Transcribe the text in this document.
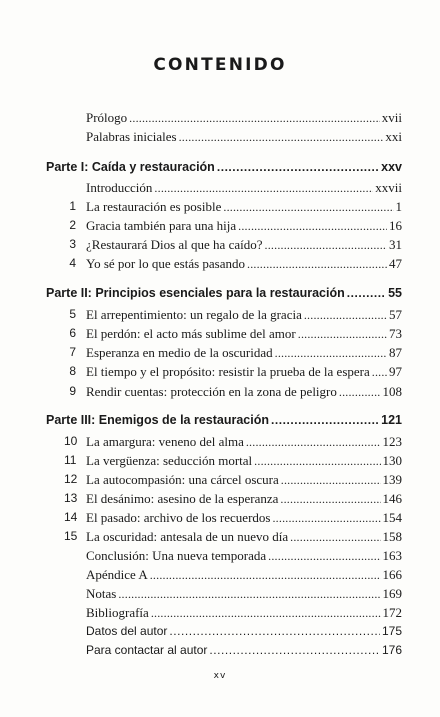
CONTENIDO
Prólogo . . .	xvii
Palabras iniciales . . .	xxi
Parte I: Caída y restauración . . .	xxv
Introducción . . .	xxvii
1 La restauración es posible . . .	1
2 Gracia también para una hija . . .	16
3 ¿Restaurará Dios al que ha caído? . . .	31
4 Yo sé por lo que estás pasando . . .	47
Parte II: Principios esenciales para la restauración . . .	55
5 El arrepentimiento: un regalo de la gracia . . .	57
6 El perdón: el acto más sublime del amor . . .	73
7 Esperanza en medio de la oscuridad . . .	87
8 El tiempo y el propósito: resistir la prueba de la espera . . . 97
9 Rendir cuentas: protección en la zona de peligro . . .	108
Parte III: Enemigos de la restauración . . .	121
10 La amargura: veneno del alma . . .	123
11 La vergüenza: seducción mortal . . .	130
12 La autocompasión: una cárcel oscura . . .	139
13 El desánimo: asesino de la esperanza . . .	146
14 El pasado: archivo de los recuerdos . . .	154
15 La oscuridad: antesala de un nuevo día . . .	158
Conclusión: Una nueva temporada . . .	163
Apéndice A . . .	166
Notas . . .	169
Bibliografía . . .	172
Datos del autor . . .	175
Para contactar al autor . . .	176
xv
